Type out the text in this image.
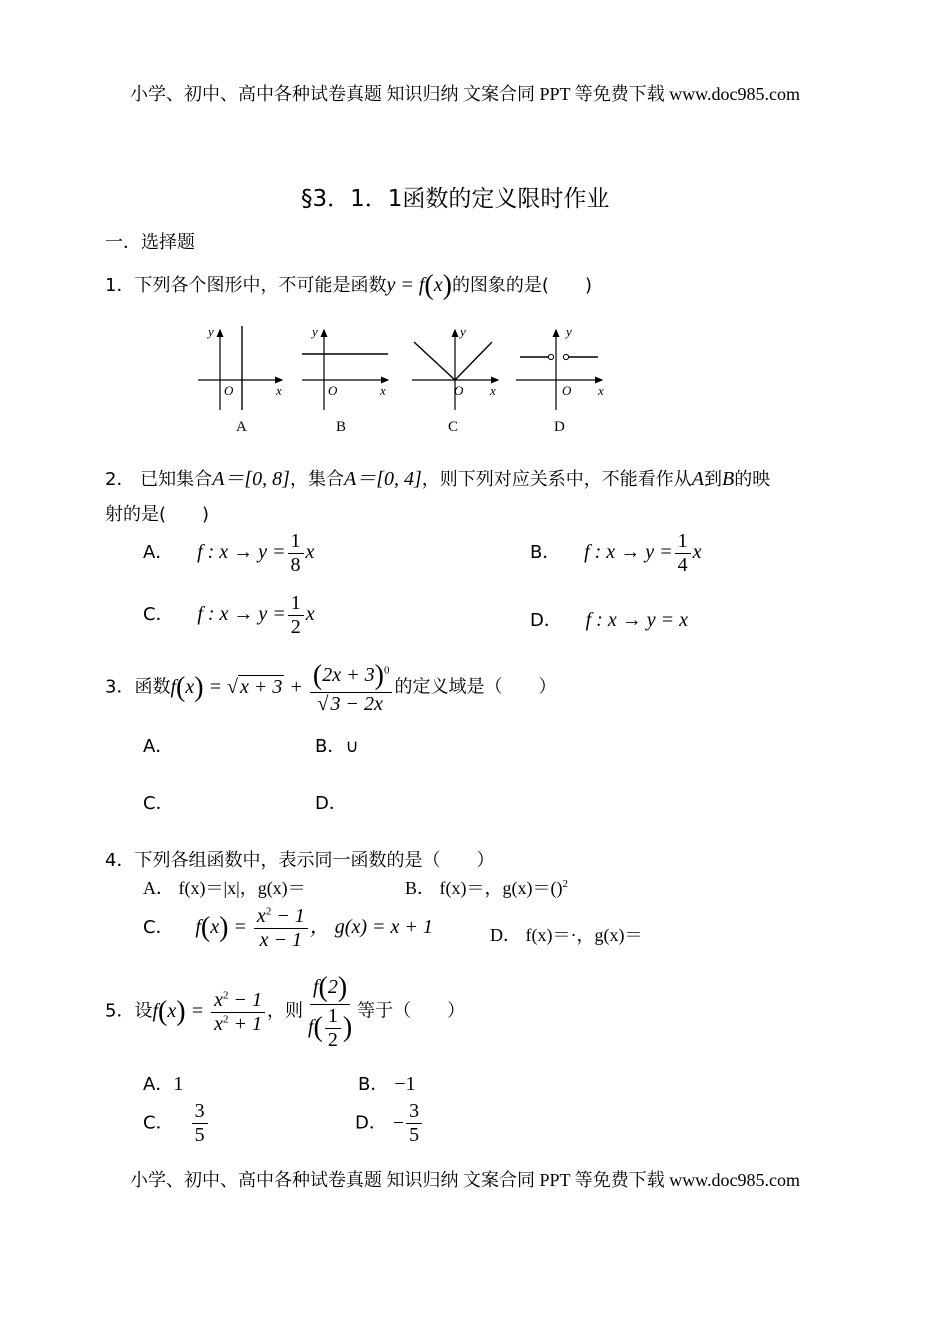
小学、初中、高中各种试卷真题 知识归纳 文案合同 PPT 等免费下载 www.doc985.com
§3．1．1函数的定义限时作业
一．选择题
1．下列各个图形中，不可能是函数y = f(x)的图象的是(　　)
y
x
O
y
x
O
y
x
O
y
x
O
A	B	C	D
2． 已知集合A＝[0, 8]，集合A＝[0, 4]，则下列对应关系中，不能看作从A到B的映
射的是(　　)
A． f : $x \to y = \frac{1}{8}$ x	B． f : $x \to y = \frac{1}{4}$ x
C． f : $x \to y = \frac{1}{2}$ x	D． f : x → y = x
3．函数f(x) = √ $x + 3 + \frac{(2x + 3)^0}{√ 3 - 2x}$ 的定义域是（　　）
A．	B．∪
C．	D．
4．下列各组函数中，表示同一函数的是（　　）
A． f(x)＝|x|，g(x)＝	B． f(x)＝，g(x)＝()$^2$
C． $f(x) = \frac{x^2 - 1}{x - 1}$ ， g(x) = x + 1	D． f(x)＝·，g(x)＝
5．设$f(x) = \frac{x^2 - 1}{x^2 + 1}$ ，则 $\frac{f(2)}{f( \frac{1}{2} )}$ 等于（　　）
A．1	B． −1
C． $\frac{3}{5}$	D． − $\frac{3}{5}$
小学、初中、高中各种试卷真题 知识归纳 文案合同 PPT 等免费下载 www.doc985.com
